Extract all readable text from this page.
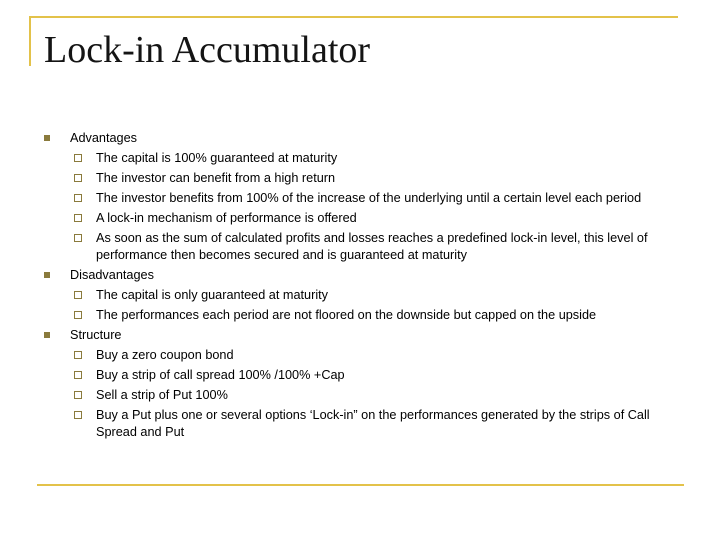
Lock-in Accumulator
Advantages
The capital is 100% guaranteed at maturity
The investor can benefit from a high return
The investor benefits from 100% of the increase of the underlying until a certain level each period
A lock-in mechanism of performance is offered
As soon as the sum of calculated profits and losses reaches a predefined lock-in level, this level of performance then becomes secured and is guaranteed at maturity
Disadvantages
The capital is only guaranteed at maturity
The performances each period are not floored on the downside but capped on the upside
Structure
Buy a zero coupon bond
Buy a strip of call spread 100% /100% +Cap
Sell a strip of Put 100%
Buy a Put plus one or several options ‘Lock-in” on the performances generated by the strips of Call Spread and Put
